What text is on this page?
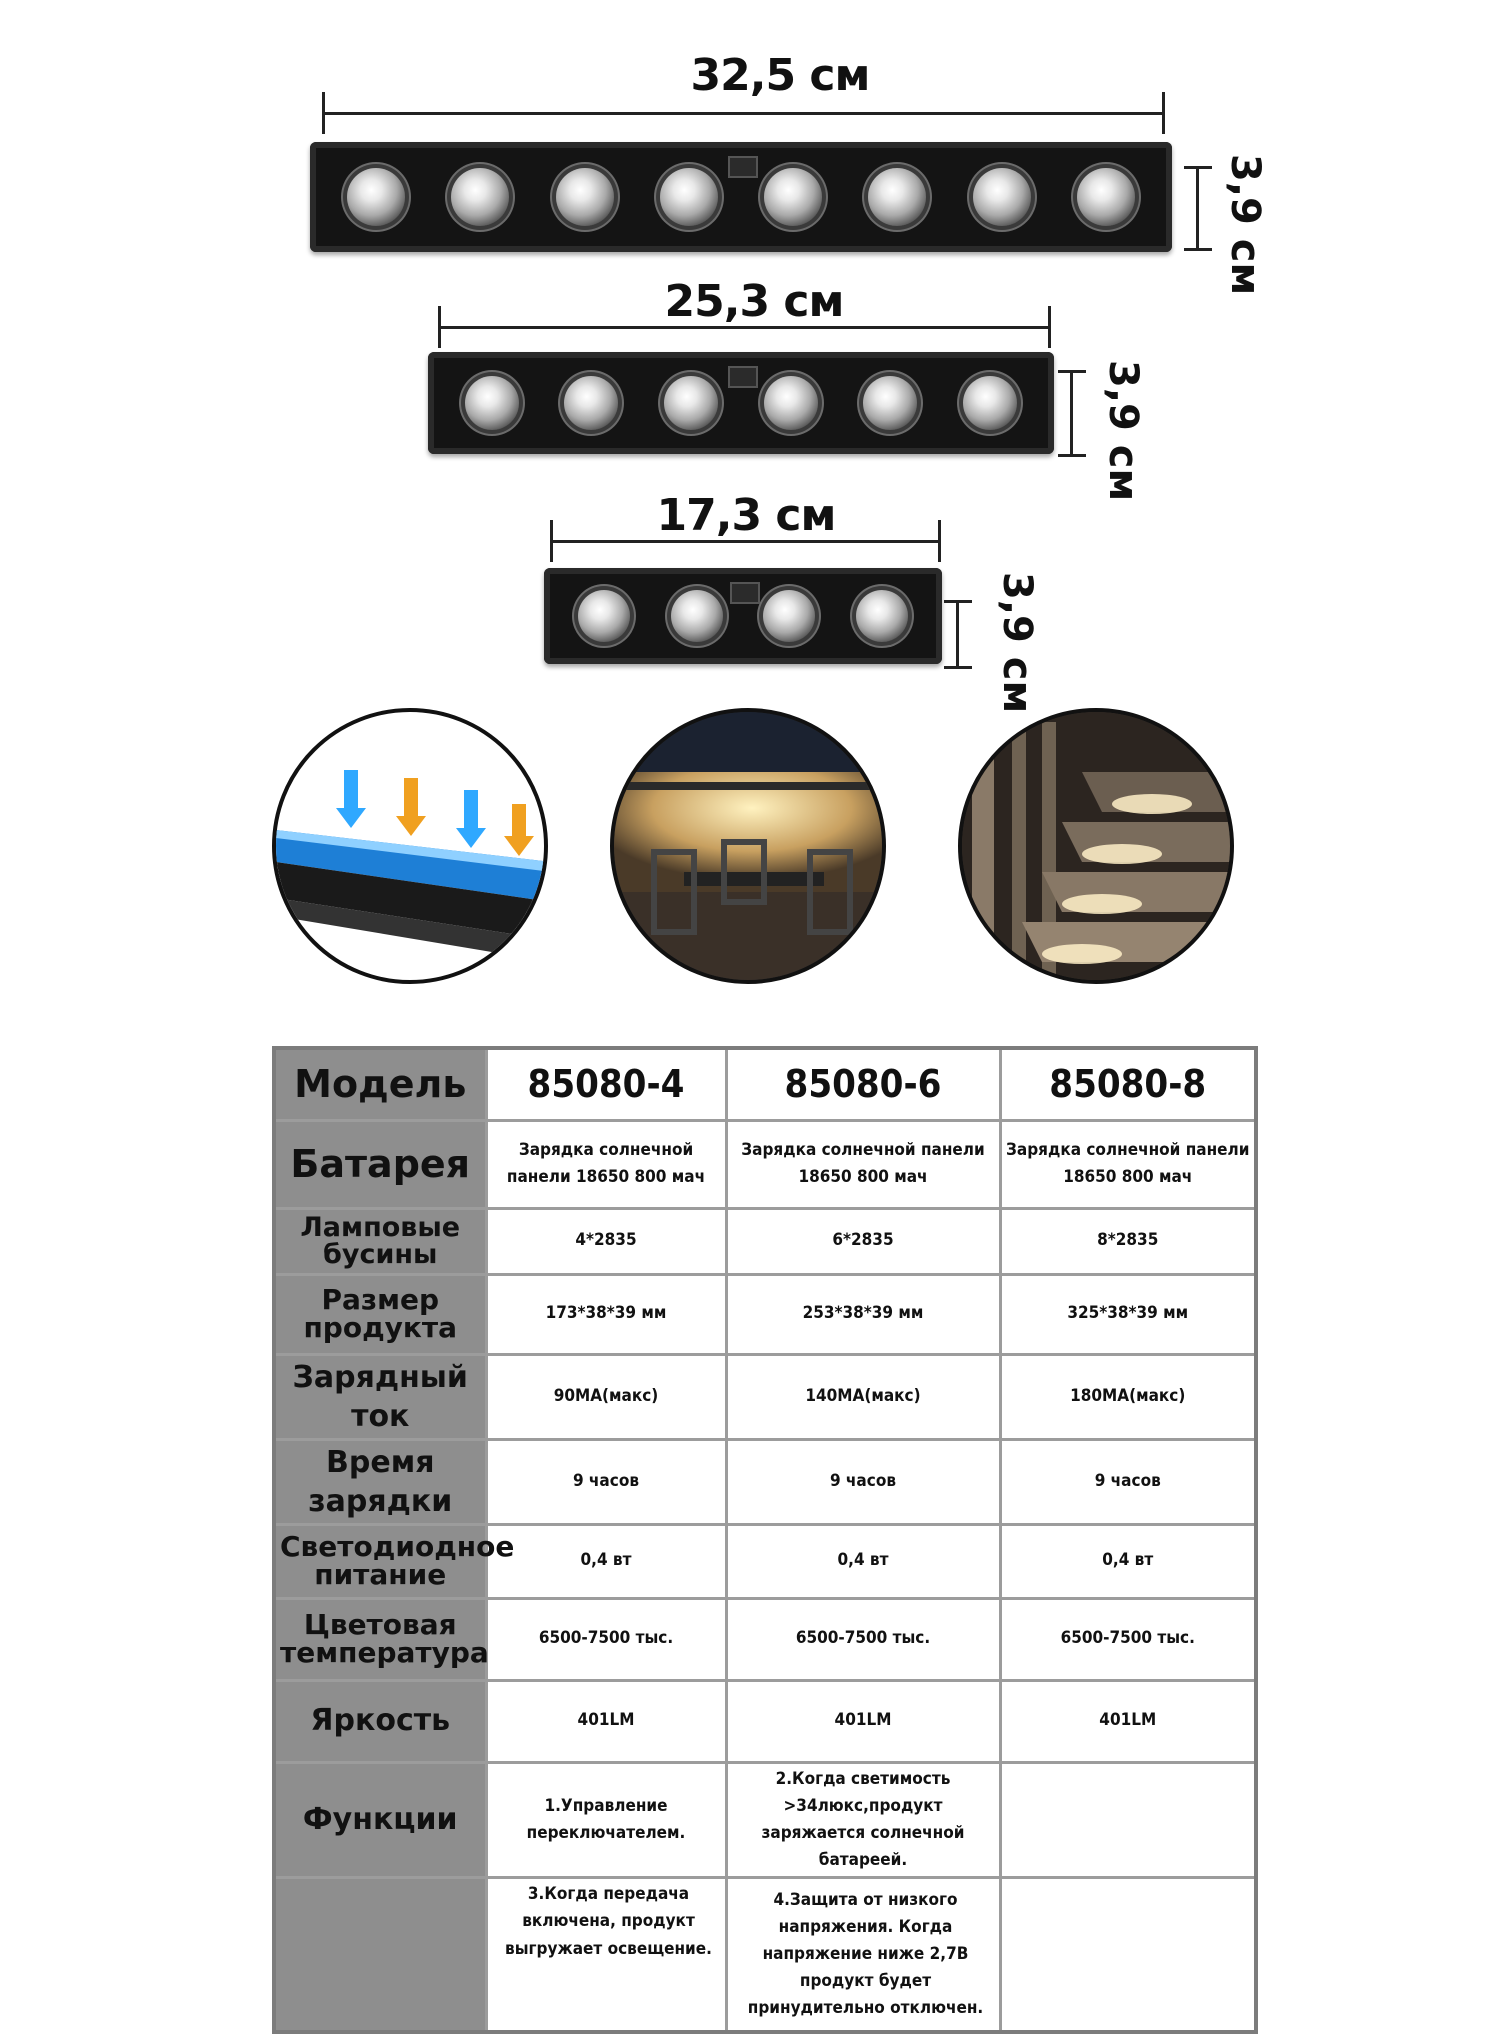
32,5 см
3,9 см
25,3 см
3,9 см
17,3 см
3,9 см
Модель	85080-4	85080-6	85080-8
Батарея	Зарядка солнечной панели 18650 800 мач	Зарядка солнечной панели 18650 800 мач	Зарядка солнечной панели 18650 800 мач
Ламповые бусины	4*2835	6*2835	8*2835
Размер продукта	173*38*39 мм	253*38*39 мм	325*38*39 мм
Зарядный ток	90MA(макс)	140MA(макс)	180MA(макс)
Время зарядки	9 часов	9 часов	9 часов
Светодиодное питание	0,4 вт	0,4 вт	0,4 вт
Цветовая температура	6500-7500 тыс.	6500-7500 тыс.	6500-7500 тыс.
Яркость	401LM	401LM	401LM
Функции	1.Управление переключателем.	2.Когда светимость >34люкс,продукт заряжается солнечной батареей.	
	3.Когда передача включена, продукт выгружает освещение.	4.Защита от низкого напряжения. Когда напряжение ниже 2,7В продукт будет принудительно отключен.	
